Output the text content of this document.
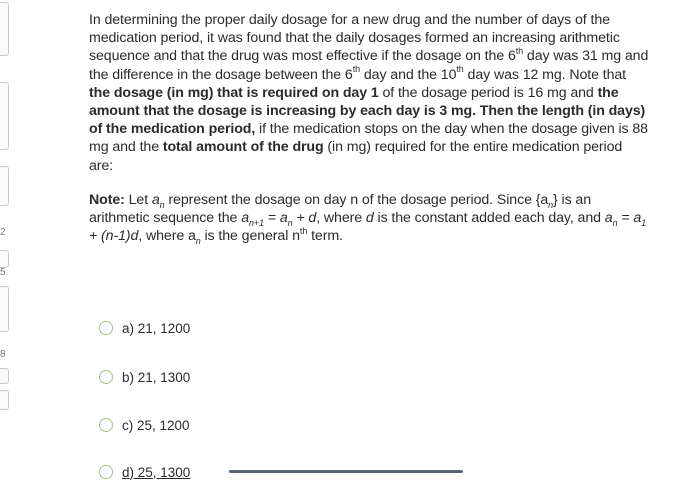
2
5
8

In determining the proper daily dosage for a new drug and the number of days of the medication period, it was found that the daily dosages formed an increasing arithmetic sequence and that the drug was most effective if the dosage on the 6th day was 31 mg and the difference in the dosage between the 6th day and the 10th day was 12 mg. Note that the dosage (in mg) that is required on day 1 of the dosage period is 16 mg and the amount that the dosage is increasing by each day is 3 mg. Then the length (in days) of the medication period, if the medication stops on the day when the dosage given is 88 mg and the total amount of the drug (in mg) required for the entire medication period are:

Note: Let $a_n$ represent the dosage on day n of the dosage period. Since $\{a_n\}$ is an arithmetic sequence the $a_{n+1} = a_n + d$, where d is the constant added each day, and $a_n = a_1 + (n-1)d$, where $a_n$ is the general $n^{th}$ term.

a) 21, 1200
b) 21, 1300
c) 25, 1200
d) 25, 1300
